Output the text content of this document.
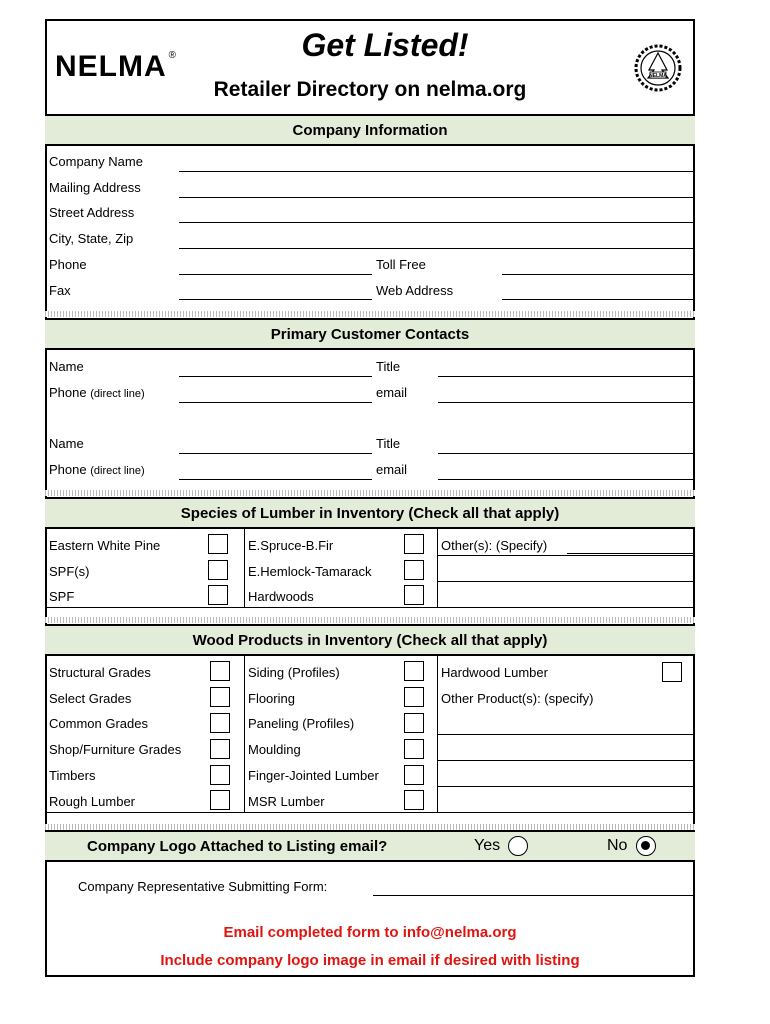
NELMA ®	Get Listed!
Retailer Directory on nelma.org
NELMA
Company Information
Company Name
Mailing Address
Street Address
City, State, Zip
Phone	Toll Free
Fax	Web Address
Primary Customer Contacts
Name	Title
Phone (direct line)	email
Name	Title
Phone (direct line)	email
Species of Lumber in Inventory (Check all that apply)
Eastern White Pine
SPF(s)
SPF
E.Spruce-B.Fir
E.Hemlock-Tamarack
Hardwoods
Other(s): (Specify)
Wood Products in Inventory (Check all that apply)
Structural Grades
Select Grades
Common Grades
Shop/Furniture Grades
Timbers
Rough Lumber
Siding (Profiles)
Flooring
Paneling (Profiles)
Moulding
Finger-Jointed Lumber
MSR Lumber
Hardwood Lumber
Other Product(s): (specify)
Company Logo Attached to Listing email?	Yes	No
Company Representative Submitting Form:
Email completed form to info@nelma.org
Include company logo image in email if desired with listing
